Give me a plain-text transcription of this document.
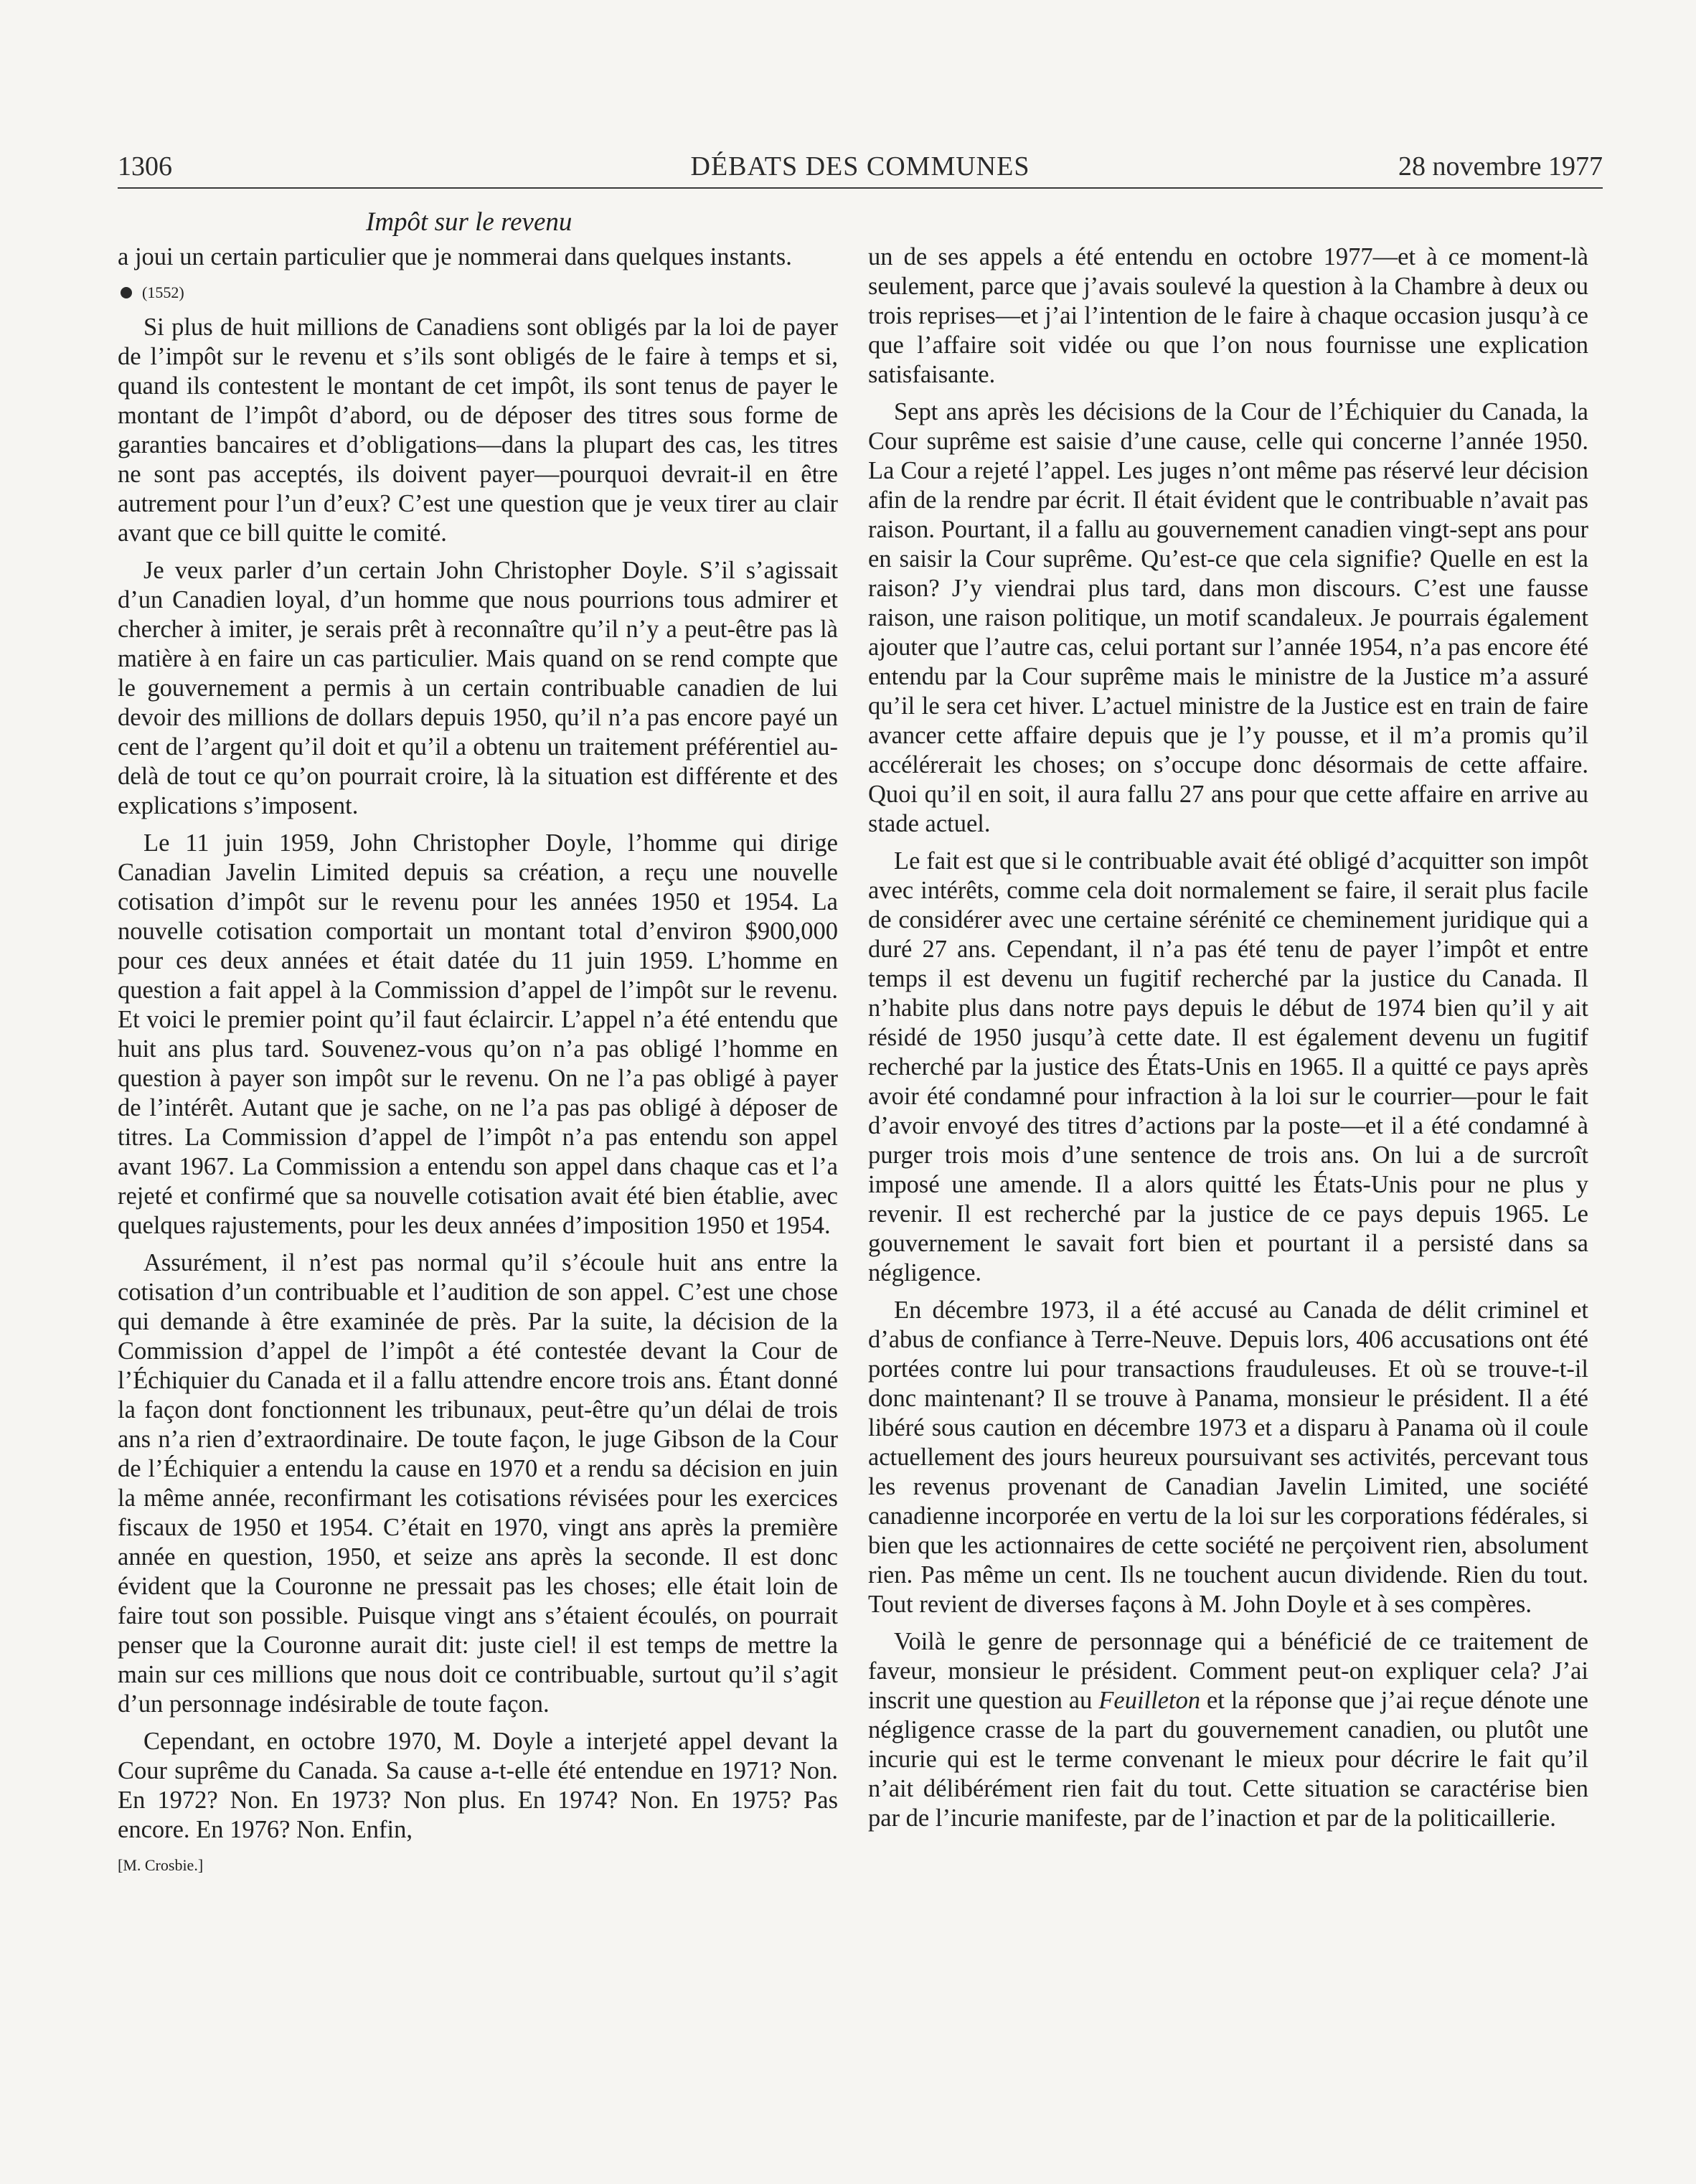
1306	DÉBATS DES COMMUNES	28 novembre 1977
Impôt sur le revenu

a joui un certain particulier que je nommerai dans quelques instants.

(1552)

Si plus de huit millions de Canadiens sont obligés par la loi de payer de l’impôt sur le revenu et s’ils sont obligés de le faire à temps et si, quand ils contestent le montant de cet impôt, ils sont tenus de payer le montant de l’impôt d’abord, ou de déposer des titres sous forme de garanties bancaires et d’obligations—dans la plupart des cas, les titres ne sont pas acceptés, ils doivent payer—pourquoi devrait-il en être autrement pour l’un d’eux? C’est une question que je veux tirer au clair avant que ce bill quitte le comité.

Je veux parler d’un certain John Christopher Doyle. S’il s’agissait d’un Canadien loyal, d’un homme que nous pourrions tous admirer et chercher à imiter, je serais prêt à reconnaître qu’il n’y a peut-être pas là matière à en faire un cas particulier. Mais quand on se rend compte que le gouvernement a permis à un certain contribuable canadien de lui devoir des millions de dollars depuis 1950, qu’il n’a pas encore payé un cent de l’argent qu’il doit et qu’il a obtenu un traitement préférentiel au-delà de tout ce qu’on pourrait croire, là la situation est différente et des explications s’imposent.

Le 11 juin 1959, John Christopher Doyle, l’homme qui dirige Canadian Javelin Limited depuis sa création, a reçu une nouvelle cotisation d’impôt sur le revenu pour les années 1950 et 1954. La nouvelle cotisation comportait un montant total d’environ $900,000 pour ces deux années et était datée du 11 juin 1959. L’homme en question a fait appel à la Commission d’appel de l’impôt sur le revenu. Et voici le premier point qu’il faut éclaircir. L’appel n’a été entendu que huit ans plus tard. Souvenez-vous qu’on n’a pas obligé l’homme en question à payer son impôt sur le revenu. On ne l’a pas obligé à payer de l’intérêt. Autant que je sache, on ne l’a pas pas obligé à déposer de titres. La Commission d’appel de l’impôt n’a pas entendu son appel avant 1967. La Commission a entendu son appel dans chaque cas et l’a rejeté et confirmé que sa nouvelle cotisation avait été bien établie, avec quelques rajustements, pour les deux années d’imposition 1950 et 1954.

Assurément, il n’est pas normal qu’il s’écoule huit ans entre la cotisation d’un contribuable et l’audition de son appel. C’est une chose qui demande à être examinée de près. Par la suite, la décision de la Commission d’appel de l’impôt a été contestée devant la Cour de l’Échiquier du Canada et il a fallu attendre encore trois ans. Étant donné la façon dont fonctionnent les tribunaux, peut-être qu’un délai de trois ans n’a rien d’extraordinaire. De toute façon, le juge Gibson de la Cour de l’Échiquier a entendu la cause en 1970 et a rendu sa décision en juin la même année, reconfirmant les cotisations révisées pour les exercices fiscaux de 1950 et 1954. C’était en 1970, vingt ans après la première année en question, 1950, et seize ans après la seconde. Il est donc évident que la Couronne ne pressait pas les choses; elle était loin de faire tout son possible. Puisque vingt ans s’étaient écoulés, on pourrait penser que la Couronne aurait dit: juste ciel! il est temps de mettre la main sur ces millions que nous doit ce contribuable, surtout qu’il s’agit d’un personnage indésirable de toute façon.

Cependant, en octobre 1970, M. Doyle a interjeté appel devant la Cour suprême du Canada. Sa cause a-t-elle été entendue en 1971? Non. En 1972? Non. En 1973? Non plus. En 1974? Non. En 1975? Pas encore. En 1976? Non. Enfin,

[M. Crosbie.]

un de ses appels a été entendu en octobre 1977—et à ce moment-là seulement, parce que j’avais soulevé la question à la Chambre à deux ou trois reprises—et j’ai l’intention de le faire à chaque occasion jusqu’à ce que l’affaire soit vidée ou que l’on nous fournisse une explication satisfaisante.

Sept ans après les décisions de la Cour de l’Échiquier du Canada, la Cour suprême est saisie d’une cause, celle qui concerne l’année 1950. La Cour a rejeté l’appel. Les juges n’ont même pas réservé leur décision afin de la rendre par écrit. Il était évident que le contribuable n’avait pas raison. Pourtant, il a fallu au gouvernement canadien vingt-sept ans pour en saisir la Cour suprême. Qu’est-ce que cela signifie? Quelle en est la raison? J’y viendrai plus tard, dans mon discours. C’est une fausse raison, une raison politique, un motif scandaleux. Je pourrais également ajouter que l’autre cas, celui portant sur l’année 1954, n’a pas encore été entendu par la Cour suprême mais le ministre de la Justice m’a assuré qu’il le sera cet hiver. L’actuel ministre de la Justice est en train de faire avancer cette affaire depuis que je l’y pousse, et il m’a promis qu’il accélérerait les choses; on s’occupe donc désormais de cette affaire. Quoi qu’il en soit, il aura fallu 27 ans pour que cette affaire en arrive au stade actuel.

Le fait est que si le contribuable avait été obligé d’acquitter son impôt avec intérêts, comme cela doit normalement se faire, il serait plus facile de considérer avec une certaine sérénité ce cheminement juridique qui a duré 27 ans. Cependant, il n’a pas été tenu de payer l’impôt et entre temps il est devenu un fugitif recherché par la justice du Canada. Il n’habite plus dans notre pays depuis le début de 1974 bien qu’il y ait résidé de 1950 jusqu’à cette date. Il est également devenu un fugitif recherché par la justice des États-Unis en 1965. Il a quitté ce pays après avoir été condamné pour infraction à la loi sur le courrier—pour le fait d’avoir envoyé des titres d’actions par la poste—et il a été condamné à purger trois mois d’une sentence de trois ans. On lui a de surcroît imposé une amende. Il a alors quitté les États-Unis pour ne plus y revenir. Il est recherché par la justice de ce pays depuis 1965. Le gouvernement le savait fort bien et pourtant il a persisté dans sa négligence.

En décembre 1973, il a été accusé au Canada de délit criminel et d’abus de confiance à Terre-Neuve. Depuis lors, 406 accusations ont été portées contre lui pour transactions frauduleuses. Et où se trouve-t-il donc maintenant? Il se trouve à Panama, monsieur le président. Il a été libéré sous caution en décembre 1973 et a disparu à Panama où il coule actuellement des jours heureux poursuivant ses activités, percevant tous les revenus provenant de Canadian Javelin Limited, une société canadienne incorporée en vertu de la loi sur les corporations fédérales, si bien que les actionnaires de cette société ne perçoivent rien, absolument rien. Pas même un cent. Ils ne touchent aucun dividende. Rien du tout. Tout revient de diverses façons à M. John Doyle et à ses compères.

Voilà le genre de personnage qui a bénéficié de ce traitement de faveur, monsieur le président. Comment peut-on expliquer cela? J’ai inscrit une question au Feuilleton et la réponse que j’ai reçue dénote une négligence crasse de la part du gouvernement canadien, ou plutôt une incurie qui est le terme convenant le mieux pour décrire le fait qu’il n’ait délibérément rien fait du tout. Cette situation se caractérise bien par de l’incurie manifeste, par de l’inaction et par de la politicaillerie.
